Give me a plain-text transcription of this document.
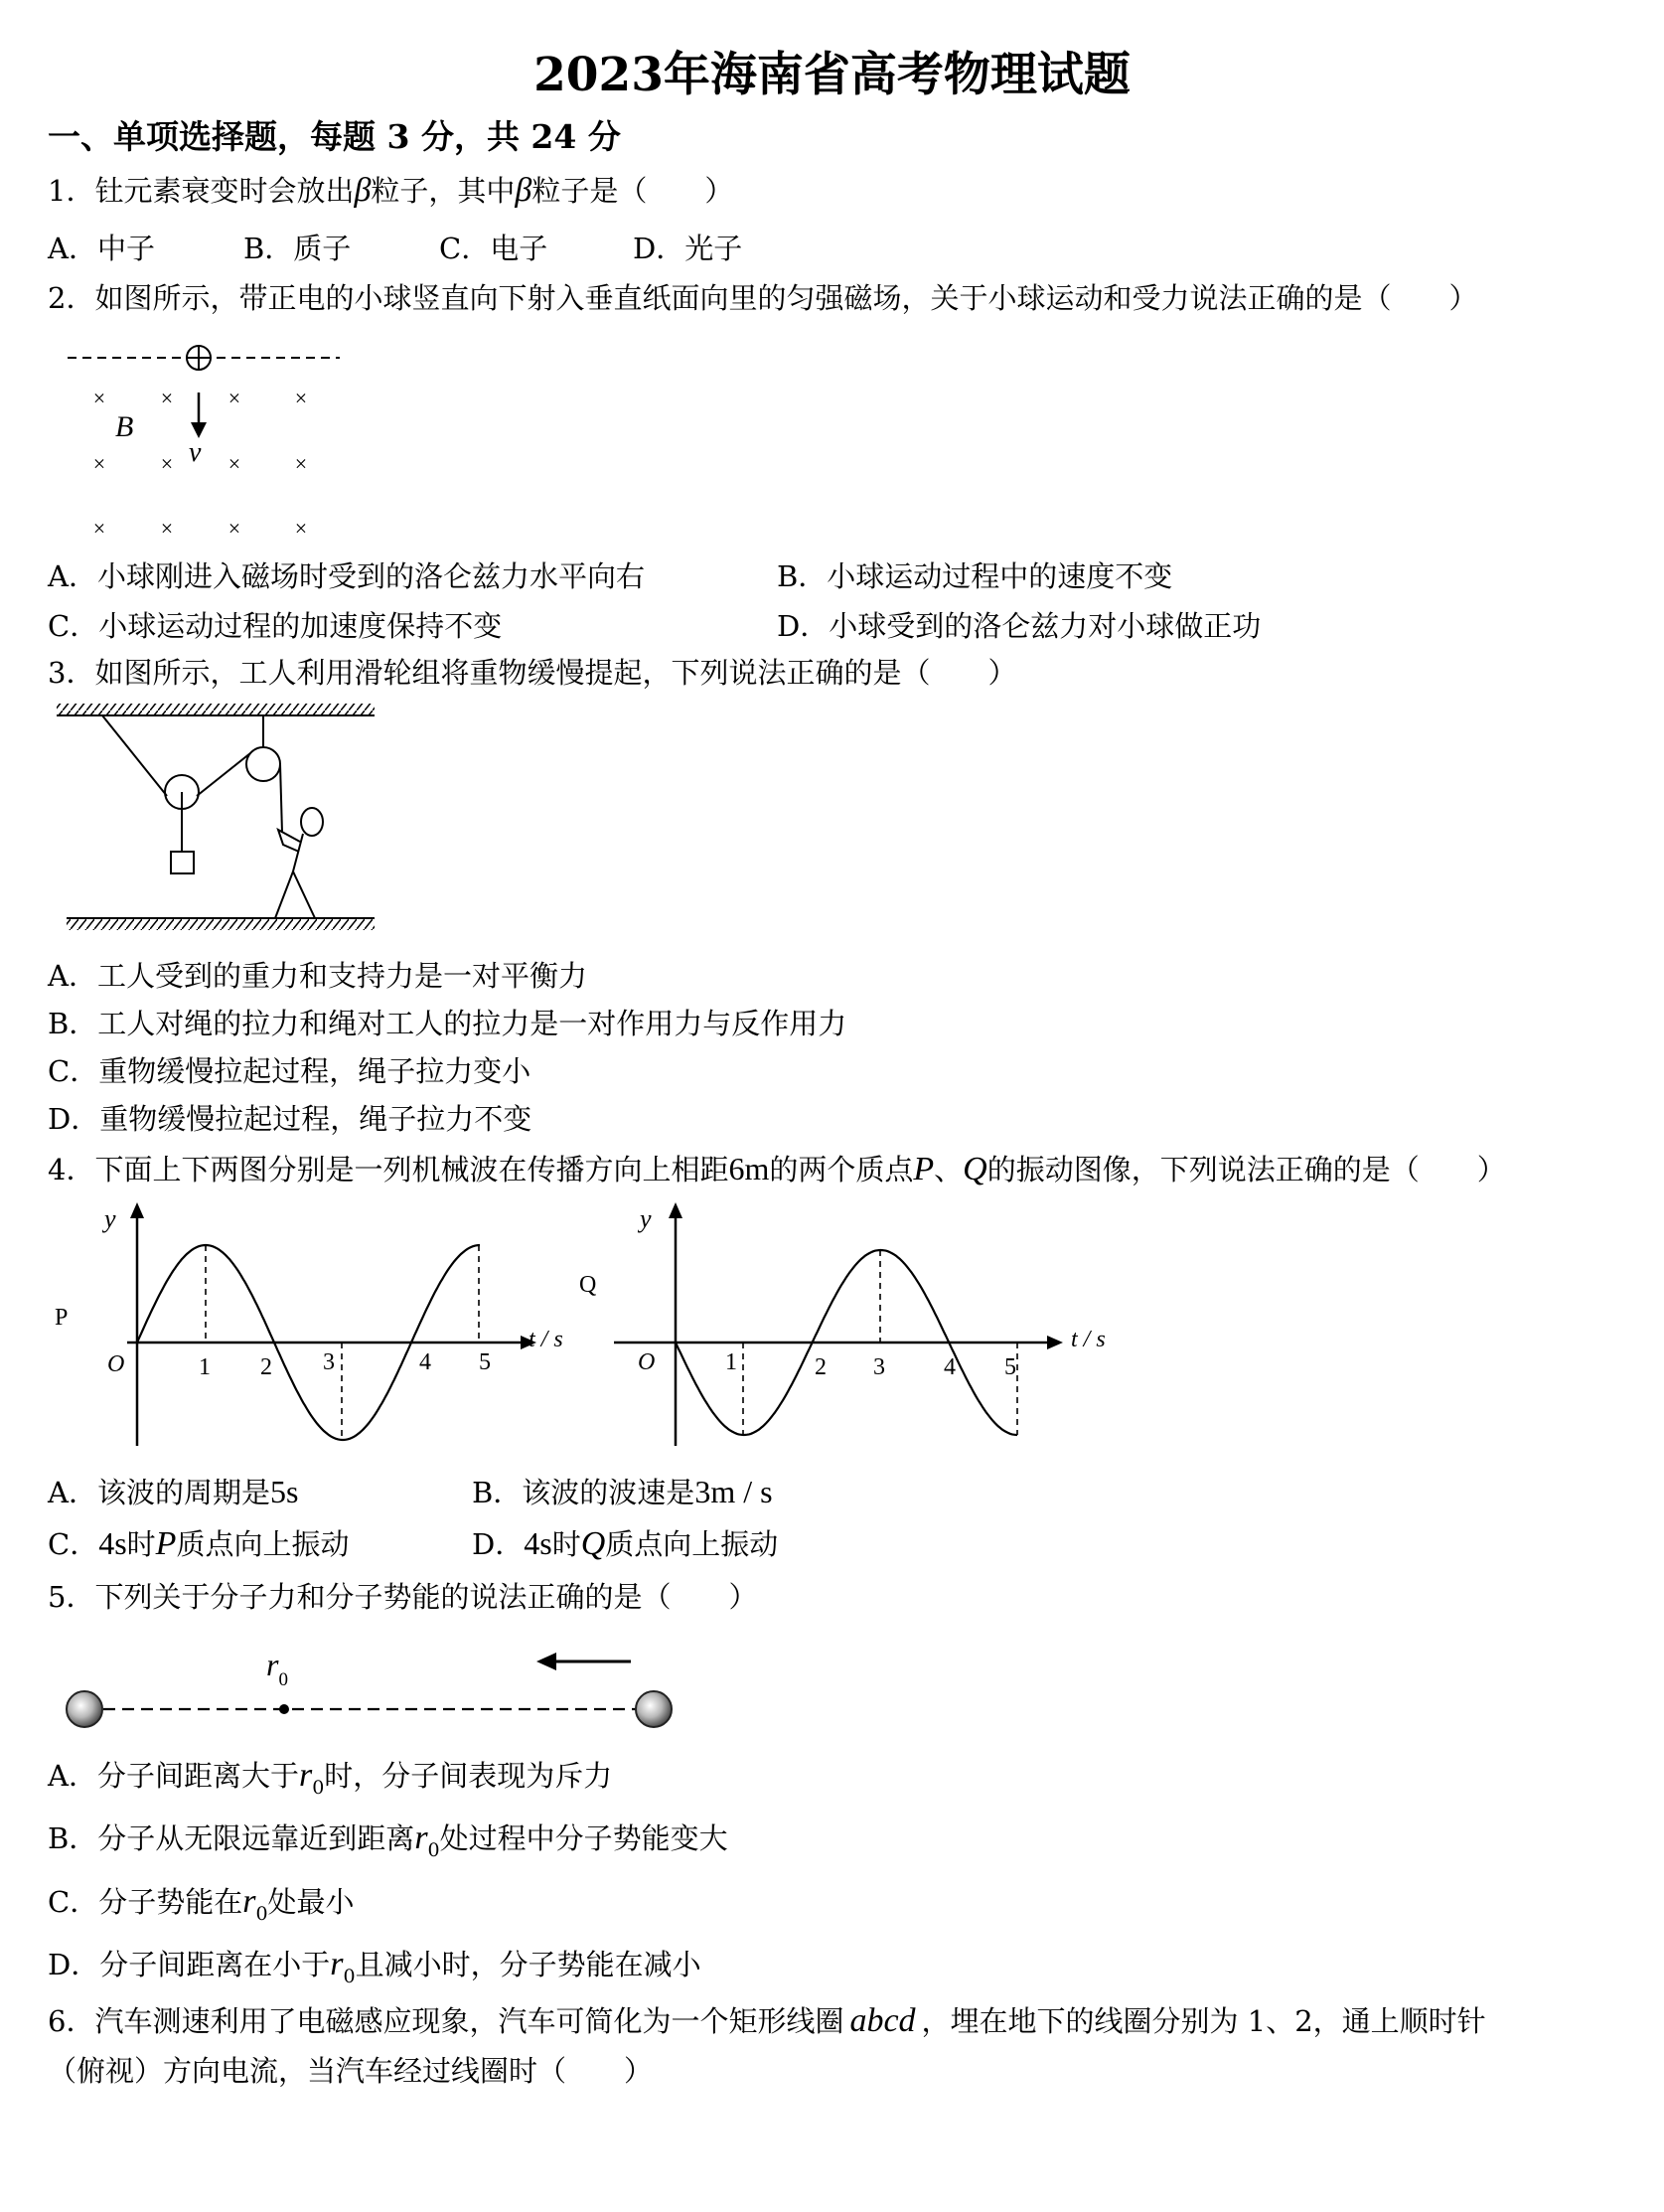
2023年海南省高考物理试题
一、单项选择题，每题 3 分，共 24 分
1．钍元素衰变时会放出β粒子，其中β粒子是（ ）
A．中子	B．质子	C．电子	D．光子
2．如图所示，带正电的小球竖直向下射入垂直纸面向里的匀强磁场，关于小球运动和受力说法正确的是（ ）
×	×	× ×
×	×	× ×
×	×	× ×
B
v
A．小球刚进入磁场时受到的洛仑兹力水平向右	B．小球运动过程中的速度不变
C．小球运动过程的加速度保持不变	D．小球受到的洛仑兹力对小球做正功
3．如图所示，工人利用滑轮组将重物缓慢提起，下列说法正确的是（ ）
A．工人受到的重力和支持力是一对平衡力
B．工人对绳的拉力和绳对工人的拉力是一对作用力与反作用力
C．重物缓慢拉起过程，绳子拉力变小
D．重物缓慢拉起过程，绳子拉力不变
4．下面上下两图分别是一列机械波在传播方向上相距6m的两个质点P、Q的振动图像，下列说法正确的是（ ）
y
P
O
t / s
1 2 3	4 5
y
Q
O
t / s
1	2 3 4 5
A．该波的周期是5s	B．该波的波速是3m / s
C．4s时P质点向上振动	D．4s时Q质点向上振动
5．下列关于分子力和分子势能的说法正确的是（ ）
$r_0$
A．分子间距离大于$r_0$时，分子间表现为斥力
B．分子从无限远靠近到距离$r_0$处过程中分子势能变大
C．分子势能在$r_0$处最小
D．分子间距离在小于$r_0$且减小时，分子势能在减小
6．汽车测速利用了电磁感应现象，汽车可简化为一个矩形线圈 abcd ，埋在地下的线圈分别为 1、2，通上顺时针
（俯视）方向电流，当汽车经过线圈时（ ）
